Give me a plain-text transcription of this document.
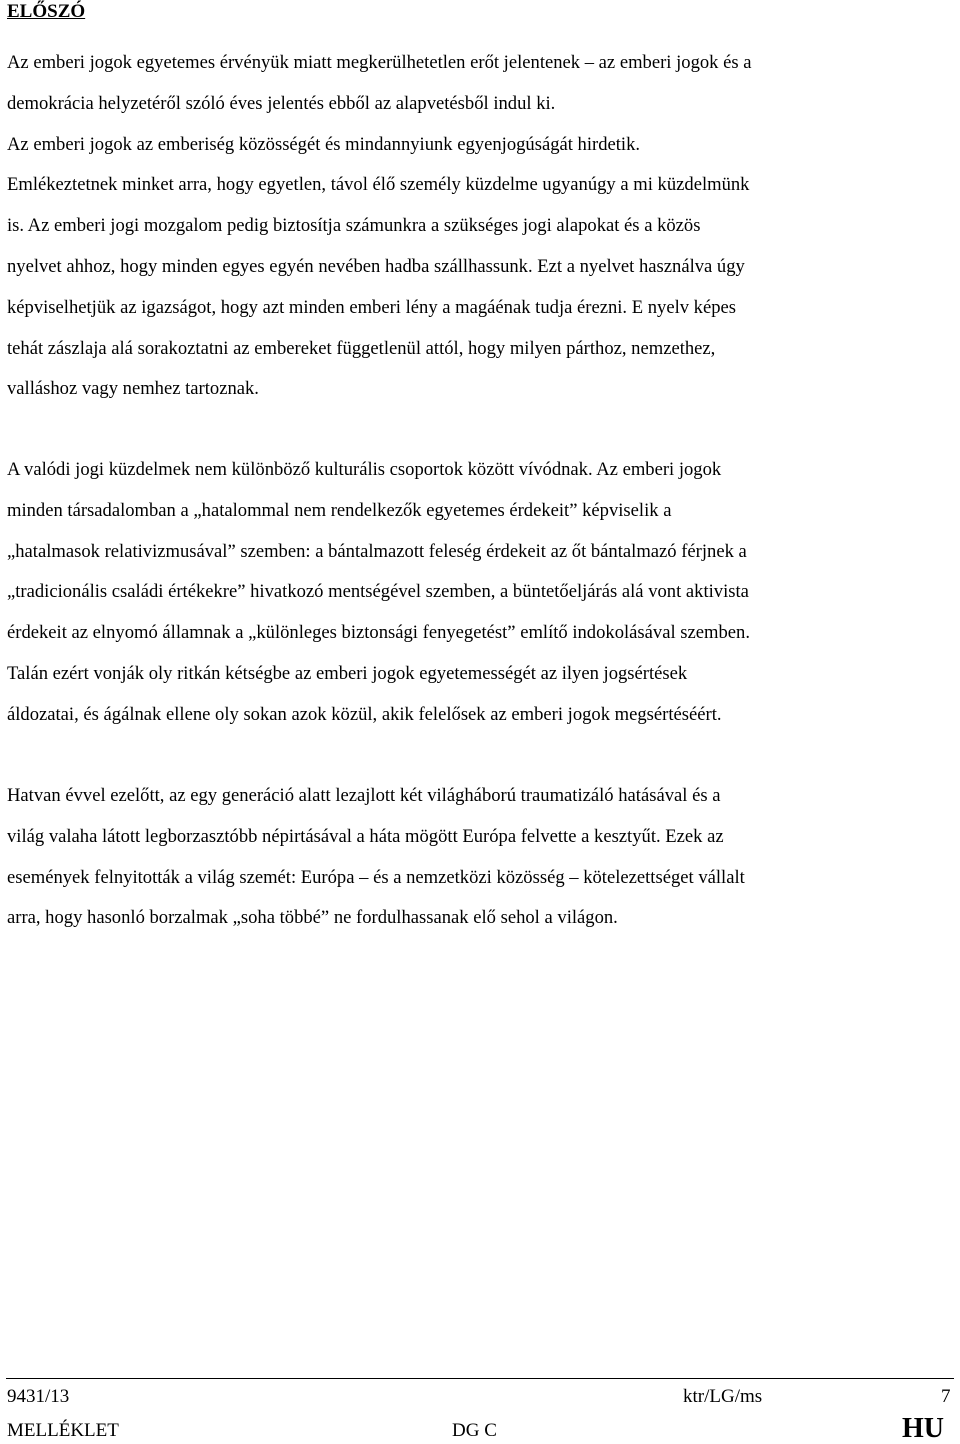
ELŐSZÓ
Az emberi jogok egyetemes érvényük miatt megkerülhetetlen erőt jelentenek – az emberi jogok és a
demokrácia helyzetéről szóló éves jelentés ebből az alapvetésből indul ki.
Az emberi jogok az emberiség közösségét és mindannyiunk egyenjogúságát hirdetik.
Emlékeztetnek minket arra, hogy egyetlen, távol élő személy küzdelme ugyanúgy a mi küzdelmünk
is. Az emberi jogi mozgalom pedig biztosítja számunkra a szükséges jogi alapokat és a közös
nyelvet ahhoz, hogy minden egyes egyén nevében hadba szállhassunk. Ezt a nyelvet használva úgy
képviselhetjük az igazságot, hogy azt minden emberi lény a magáénak tudja érezni. E nyelv képes
tehát zászlaja alá sorakoztatni az embereket függetlenül attól, hogy milyen párthoz, nemzethez,
valláshoz vagy nemhez tartoznak.
A valódi jogi küzdelmek nem különböző kulturális csoportok között vívódnak. Az emberi jogok
minden társadalomban a „hatalommal nem rendelkezők egyetemes érdekeit” képviselik a
„hatalmasok relativizmusával” szemben: a bántalmazott feleség érdekeit az őt bántalmazó férjnek a
„tradicionális családi értékekre” hivatkozó mentségével szemben, a büntetőeljárás alá vont aktivista
érdekeit az elnyomó államnak a „különleges biztonsági fenyegetést” említő indokolásával szemben.
Talán ezért vonják oly ritkán kétségbe az emberi jogok egyetemességét az ilyen jogsértések
áldozatai, és ágálnak ellene oly sokan azok közül, akik felelősek az emberi jogok megsértéséért.
Hatvan évvel ezelőtt, az egy generáció alatt lezajlott két világháború traumatizáló hatásával és a
világ valaha látott legborzasztóbb népirtásával a háta mögött Európa felvette a kesztyűt. Ezek az
események felnyitották a világ szemét: Európa – és a nemzetközi közösség – kötelezettséget vállalt
arra, hogy hasonló borzalmak „soha többé” ne fordulhassanak elő sehol a világon.
9431/13	ktr/LG/ms	7
MELLÉKLET	DG C	HU
